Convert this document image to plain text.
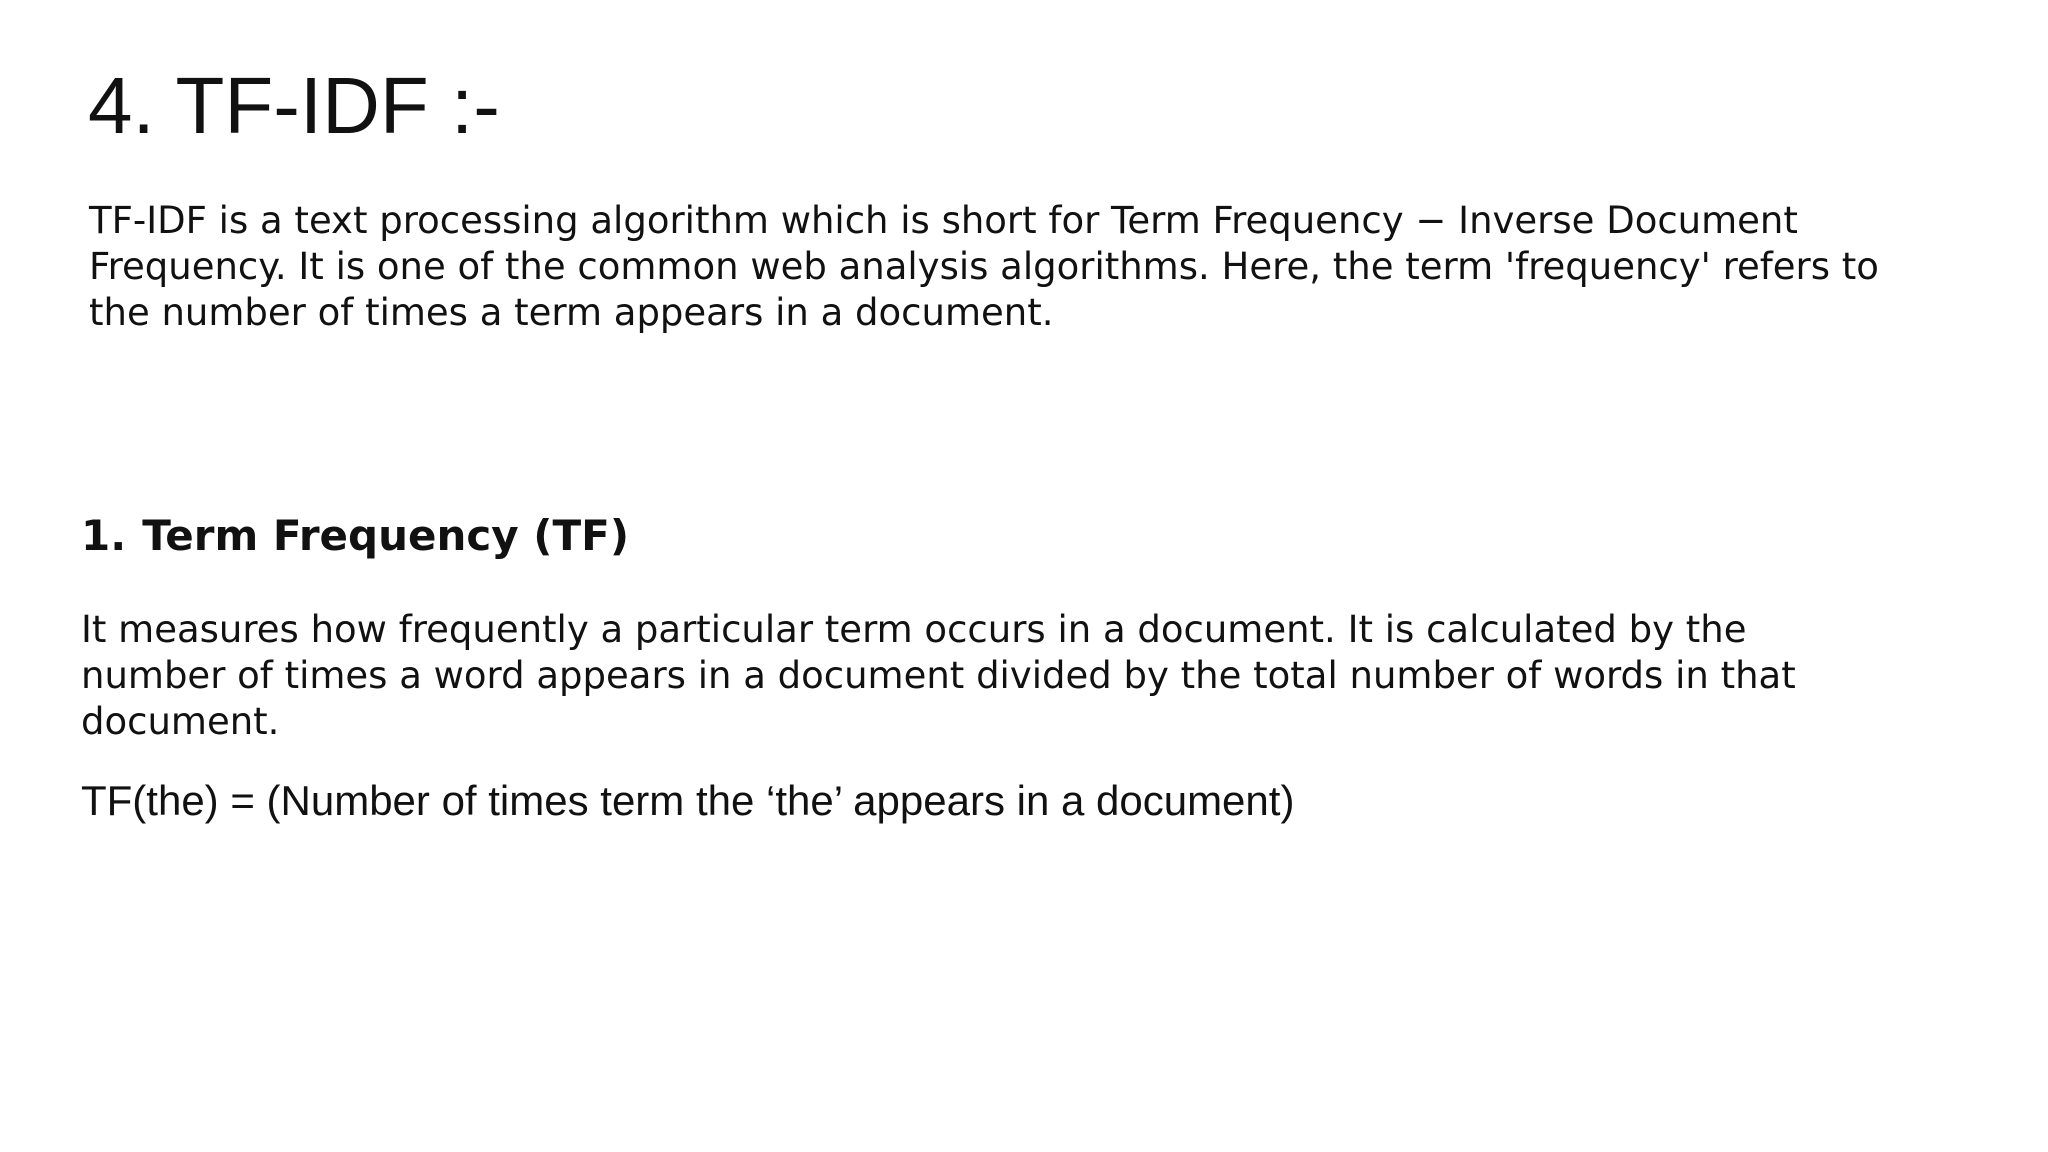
4. TF-IDF :-

TF-IDF is a text processing algorithm which is short for Term Frequency − Inverse Document
Frequency. It is one of the common web analysis algorithms. Here, the term 'frequency' refers to
the number of times a term appears in a document.

1. Term Frequency (TF)

It measures how frequently a particular term occurs in a document. It is calculated by the
number of times a word appears in a document divided by the total number of words in that
document.

TF(the) = (Number of times term the ‘the’ appears in a document)
